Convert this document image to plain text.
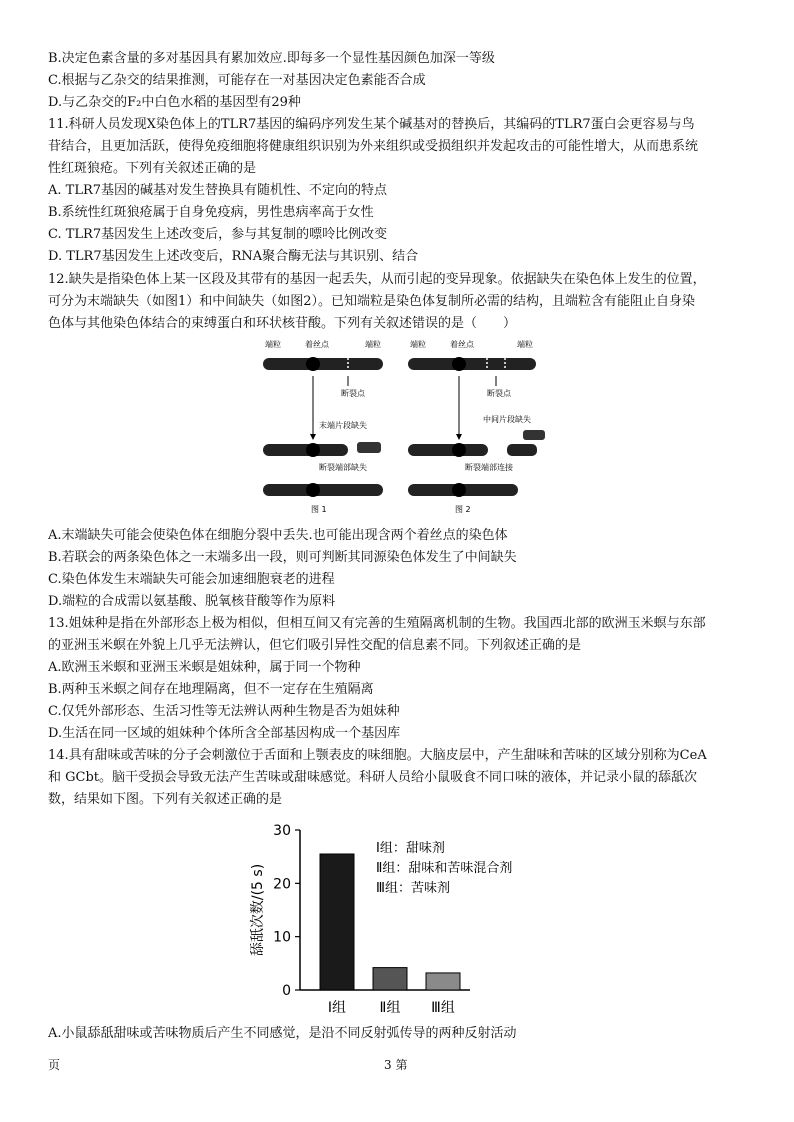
B.决定色素含量的多对基因具有累加效应.即每多一个显性基因颜色加深一等级
C.根据与乙杂交的结果推测，可能存在一对基因决定色素能否合成
D.与乙杂交的F₂中白色水稻的基因型有29种
11.科研人员发现X染色体上的TLR7基因的编码序列发生某个碱基对的替换后，其编码的TLR7蛋白会更容易与鸟
苷结合，且更加活跃，使得免疫细胞将健康组织识别为外来组织或受损组织并发起攻击的可能性增大，从而患系统
性红斑狼疮。下列有关叙述正确的是
A. TLR7基因的碱基对发生替换具有随机性、不定向的特点
B.系统性红斑狼疮属于自身免疫病，男性患病率高于女性
C. TLR7基因发生上述改变后，参与其复制的嘌呤比例改变
D. TLR7基因发生上述改变后，RNA聚合酶无法与其识别、结合
12.缺失是指染色体上某一区段及其带有的基因一起丢失，从而引起的变异现象。依据缺失在染色体上发生的位置，
可分为末端缺失（如图1）和中间缺失（如图2）。已知端粒是染色体复制所必需的结构，且端粒含有能阻止自身染
色体与其他染色体结合的束缚蛋白和环状核苷酸。下列有关叙述错误的是（　　）
A.末端缺失可能会使染色体在细胞分裂中丢失.也可能出现含两个着丝点的染色体
B.若联会的两条染色体之一末端多出一段，则可判断其同源染色体发生了中间缺失
C.染色体发生末端缺失可能会加速细胞衰老的进程
D.端粒的合成需以氨基酸、脱氧核苷酸等作为原料
13.姐妹种是指在外部形态上极为相似，但相互间又有完善的生殖隔离机制的生物。我国西北部的欧洲玉米螟与东部
的亚洲玉米螟在外貌上几乎无法辨认，但它们吸引异性交配的信息素不同。下列叙述正确的是
A.欧洲玉米螟和亚洲玉米螟是姐妹种，属于同一个物种
B.两种玉米螟之间存在地理隔离，但不一定存在生殖隔离
C.仅凭外部形态、生活习性等无法辨认两种生物是否为姐妹种
D.生活在同一区域的姐妹种个体所含全部基因构成一个基因库
14.具有甜味或苦味的分子会刺激位于舌面和上颚表皮的味细胞。大脑皮层中，产生甜味和苦味的区域分别称为CeA
和 GCbt。脑干受损会导致无法产生苦味或甜味感觉。科研人员给小鼠吸食不同口味的液体，并记录小鼠的舔舐次
数，结果如下图。下列有关叙述正确的是
A.小鼠舔舐甜味或苦味物质后产生不同感觉，是沿不同反射弧传导的两种反射活动
端粒	着丝点	端粒
断裂点
末端片段缺失
断裂端部缺失
图 1
端粒	着丝点	端粒
断裂点
中间片段缺失
断裂端部连接
图 2
0
10
20
30
舔舐次数/(5 s)
Ⅰ组 Ⅱ组 Ⅲ组
Ⅰ组：甜味剂
Ⅱ组：甜味和苦味混合剂
Ⅲ组：苦味剂
页	3 第
